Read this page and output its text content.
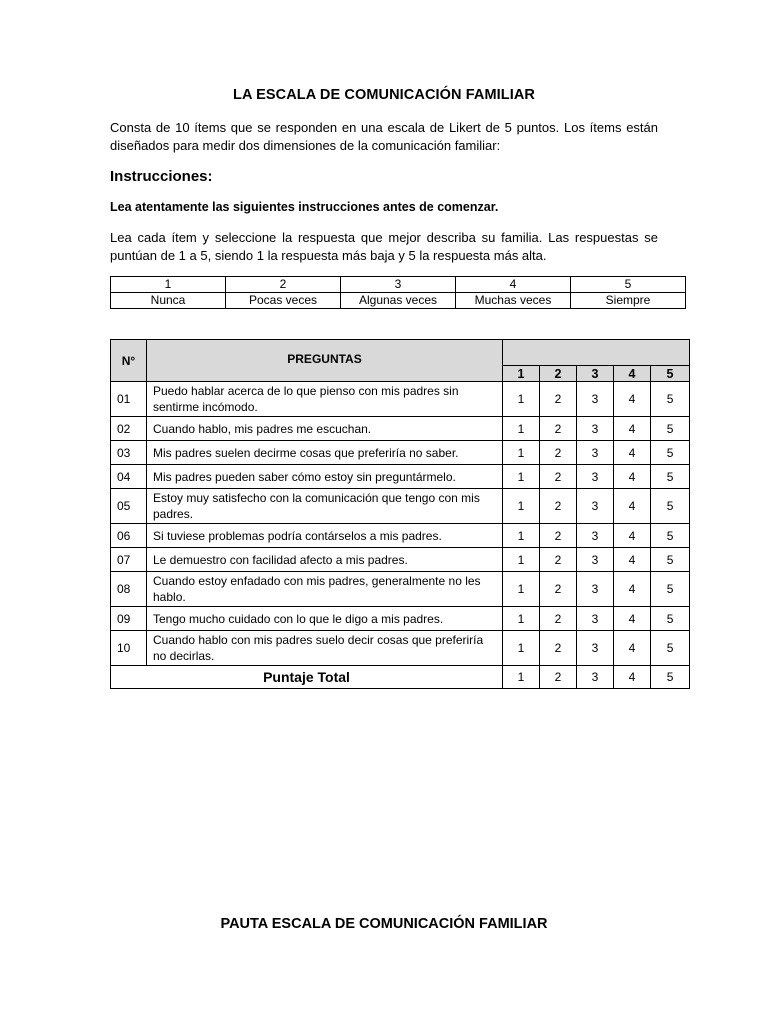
LA ESCALA DE COMUNICACIÓN FAMILIAR
Consta de 10 ítems que se responden en una escala de Likert de 5 puntos. Los ítems están diseñados para medir dos dimensiones de la comunicación familiar:
Instrucciones:
Lea atentamente las siguientes instrucciones antes de comenzar.
Lea cada ítem y seleccione la respuesta que mejor describa su familia. Las respuestas se puntúan de 1 a 5, siendo 1 la respuesta más baja y 5 la respuesta más alta.
1	2	3	4	5
Nunca	Pocas veces	Algunas veces	Muchas veces	Siempre
N°	PREGUNTAS					
		1	2	3	4	5
01	Puedo hablar acerca de lo que pienso con mis padres sin sentirme incómodo.	1	2	3	4	5
02	Cuando hablo, mis padres me escuchan.	1	2	3	4	5
03	Mis padres suelen decirme cosas que preferiría no saber.	1	2	3	4	5
04	Mis padres pueden saber cómo estoy sin preguntármelo.	1	2	3	4	5
05	Estoy muy satisfecho con la comunicación que tengo con mis padres.	1	2	3	4	5
06	Si tuviese problemas podría contárselos a mis padres.	1	2	3	4	5
07	Le demuestro con facilidad afecto a mis padres.	1	2	3	4	5
08	Cuando estoy enfadado con mis padres, generalmente no les hablo.	1	2	3	4	5
09	Tengo mucho cuidado con lo que le digo a mis padres.	1	2	3	4	5
10	Cuando hablo con mis padres suelo decir cosas que preferiría no decirlas.	1	2	3	4	5
Puntaje Total		1	2	3	4	5
PAUTA ESCALA DE COMUNICACIÓN FAMILIAR
